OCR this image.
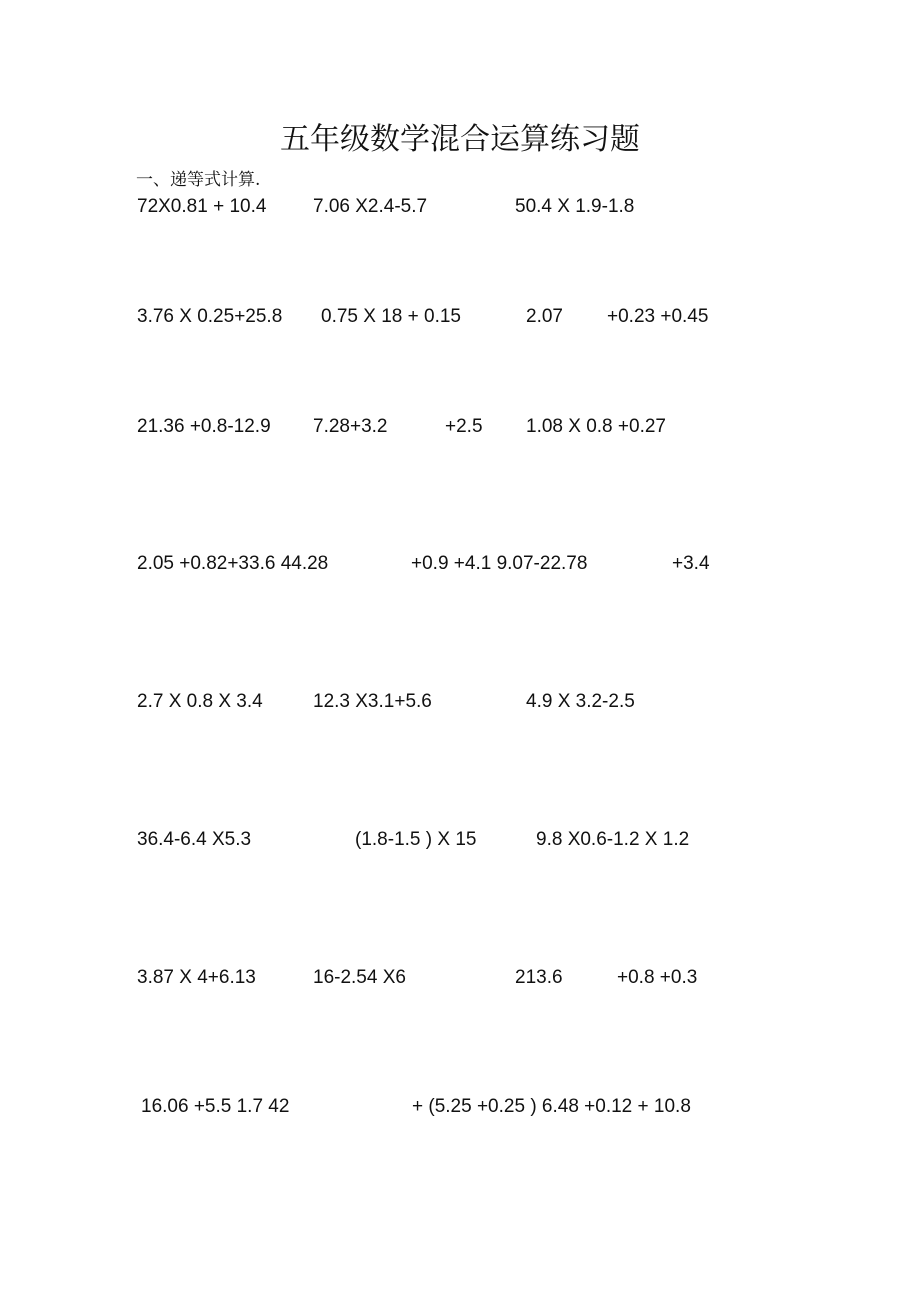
五年级数学混合运算练习题
一、递等式计算.
72X0.81 + 10.4 7.06 X2.4-5.7	50.4 X 1.9-1.8
3.76 X 0.25+25.8 0.75 X 18 + 0.15	2.07 +0.23 +0.45
21.36 +0.8-12.9 7.28+3.2	+2.5 1.08 X 0.8 +0.27
2.05 +0.82+33.6 44.28	+0.9 +4.1 9.07-22.78	+3.4
2.7 X 0.8 X 3.4	12.3 X3.1+5.6	4.9 X 3.2-2.5
36.4-6.4 X5.3	(1.8-1.5 ) X 15	9.8 X0.6-1.2 X 1.2
3.87 X 4+6.13	16-2.54 X6	213.6	+0.8 +0.3
16.06 +5.5 1.7 42	+ (5.25 +0.25 ) 6.48 +0.12 + 10.8
